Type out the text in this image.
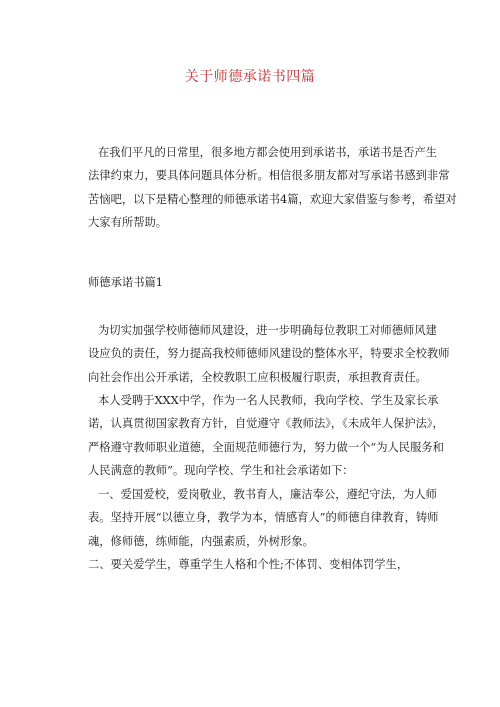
关于师德承诺书四篇
在我们平凡的日常里，很多地方都会使用到承诺书，承诺书是否产生
法律约束力，要具体问题具体分析。相信很多朋友都对写承诺书感到非常
苦恼吧，以下是精心整理的师德承诺书4篇，欢迎大家借鉴与参考，希望对
大家有所帮助。
师德承诺书篇1
为切实加强学校师德师风建设，进一步明确每位教职工对师德师风建
设应负的责任，努力提高我校师德师风建设的整体水平，特要求全校教师
向社会作出公开承诺，全校教职工应积极履行职责，承担教育责任。
本人受聘于XXX中学，作为一名人民教师，我向学校、学生及家长承
诺，认真贯彻国家教育方针，自觉遵守《教师法》，《未成年人保护法》，
严格遵守教师职业道德，全面规范师德行为，努力做一个“为人民服务和
人民满意的教师”。现向学校、学生和社会承诺如下：
一、爱国爱校，爱岗敬业，教书育人，廉洁奉公，遵纪守法，为人师
表。坚持开展“以德立身，教学为本，情感育人”的师德自律教育，铸师
魂，修师德，练师能，内强素质，外树形象。
二、要关爱学生，尊重学生人格和个性;不体罚、变相体罚学生，
